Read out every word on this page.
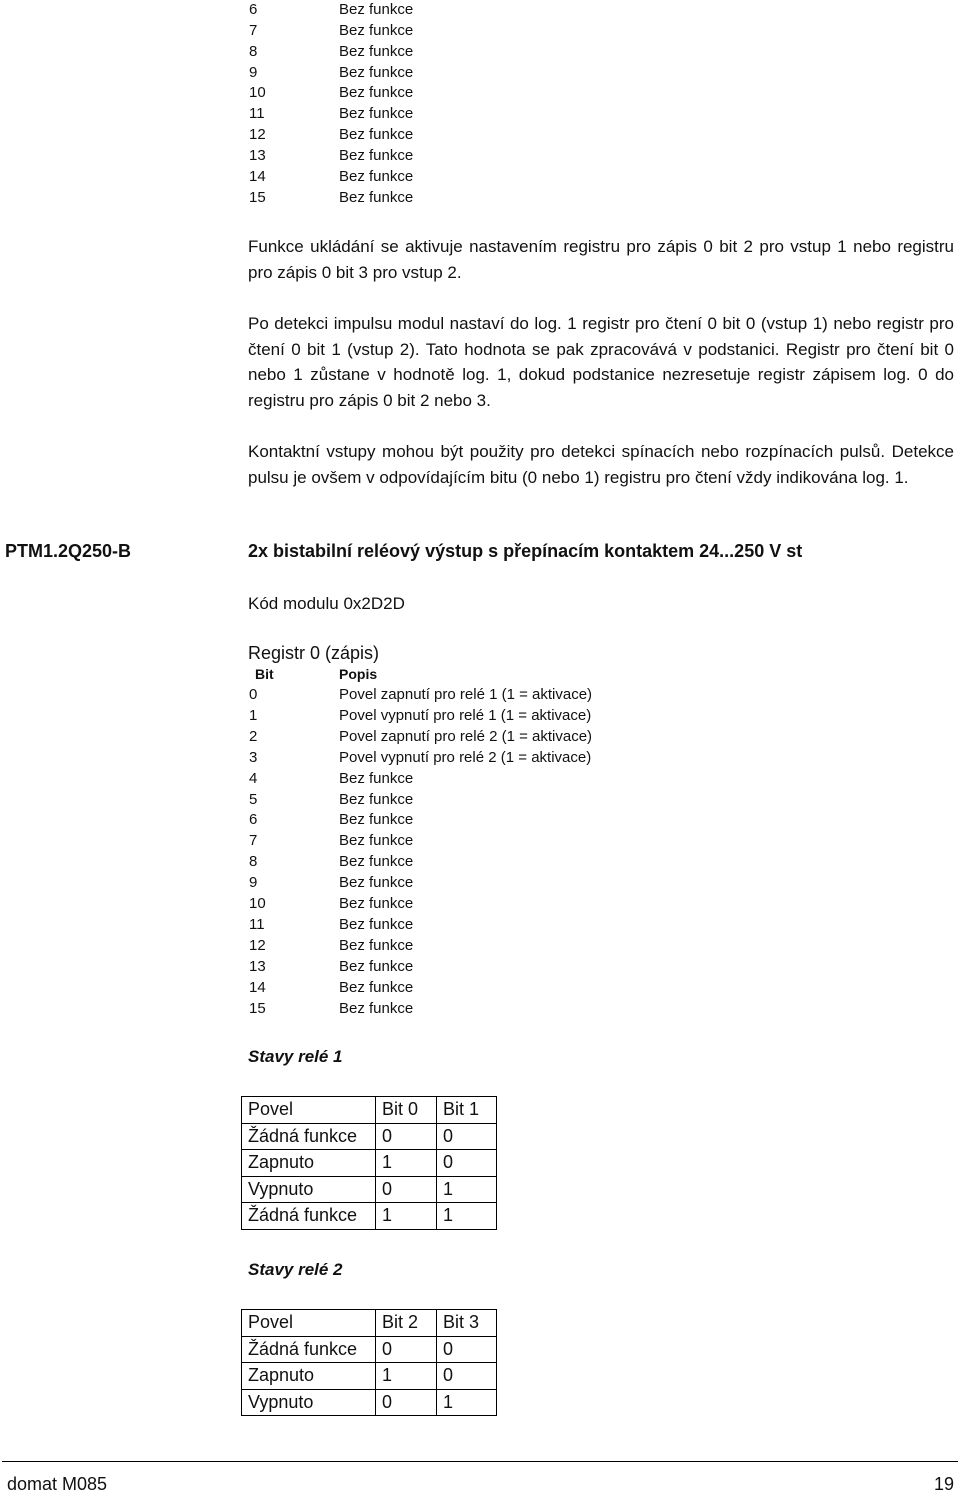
6	Bez funkce
7	Bez funkce
8	Bez funkce
9	Bez funkce
10	Bez funkce
11	Bez funkce
12	Bez funkce
13	Bez funkce
14	Bez funkce
15	Bez funkce

Funkce ukládání se aktivuje nastavením registru pro zápis 0 bit 2 pro vstup 1 nebo registru pro zápis 0 bit 3 pro vstup 2.

Po detekci impulsu modul nastaví do log. 1 registr pro čtení 0 bit 0 (vstup 1) nebo registr pro čtení 0 bit 1 (vstup 2). Tato hodnota se pak zpracovává v podstanici. Registr pro čtení bit 0 nebo 1 zůstane v hodnotě log. 1, dokud podstanice nezresetuje registr zápisem log. 0 do registru pro zápis 0 bit 2 nebo 3.

Kontaktní vstupy mohou být použity pro detekci spínacích nebo rozpínacích pulsů. Detekce pulsu je ovšem v odpovídajícím bitu (0 nebo 1) registru pro čtení vždy indikována log. 1.

PTM1.2Q250-B	2x bistabilní reléový výstup s přepínacím kontaktem 24...250 V st
Kód modulu 0x2D2D
Registr 0 (zápis)
Bit	Popis
0	Povel zapnutí pro relé 1 (1 = aktivace)
1	Povel vypnutí pro relé 1 (1 = aktivace)
2	Povel zapnutí pro relé 2 (1 = aktivace)
3	Povel vypnutí pro relé 2 (1 = aktivace)
4	Bez funkce
5	Bez funkce
6	Bez funkce
7	Bez funkce
8	Bez funkce
9	Bez funkce
10	Bez funkce
11	Bez funkce
12	Bez funkce
13	Bez funkce
14	Bez funkce
15	Bez funkce
Stavy relé 1
Povel	Bit 0	Bit 1
Žádná funkce	0	0
Zapnuto	1	0
Vypnuto	0	1
Žádná funkce	1	1
Stavy relé 2
Povel	Bit 2	Bit 3
Žádná funkce	0	0
Zapnuto	1	0
Vypnuto	0	1
domat M085	19
